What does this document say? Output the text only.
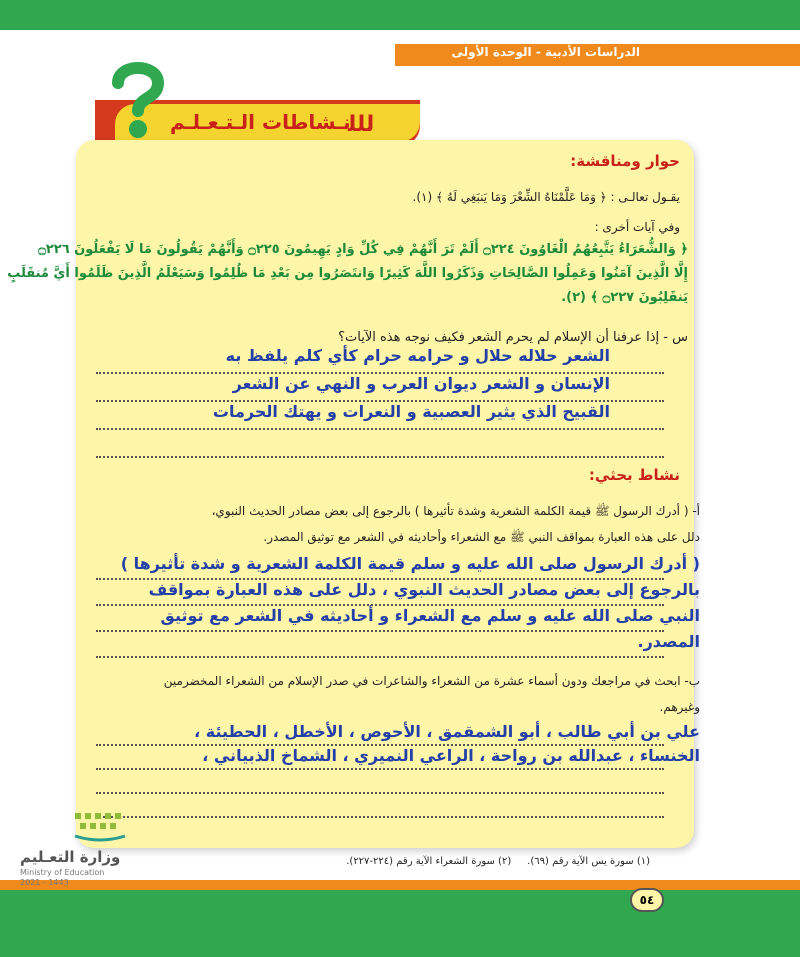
الدراسات الأدبية - الوحدة الأولى
نـشاطات الـتـعـلـم
ﻟﻠﻠ
حوار ومناقشة:
يقـول تعالـى : ﴿ وَمَا عَلَّمْنَاهُ الشِّعْرَ وَمَا يَنبَغِي لَهُ ﴾ (١).
وفي آيات أخرى :
﴿ وَالشُّعَرَاءُ يَتَّبِعُهُمُ الْغَاوُونَ ۝٢٢٤ أَلَمْ تَرَ أَنَّهُمْ فِي كُلِّ وَادٍ يَهِيمُونَ ۝٢٢٥ وَأَنَّهُمْ يَقُولُونَ مَا لَا يَفْعَلُونَ ۝٢٢٦
إِلَّا الَّذِينَ آمَنُوا وَعَمِلُوا الصَّالِحَاتِ وَذَكَرُوا اللَّهَ كَثِيرًا وَانتَصَرُوا مِن بَعْدِ مَا ظُلِمُوا وَسَيَعْلَمُ الَّذِينَ ظَلَمُوا أَيَّ مُنقَلَبٍ
يَنقَلِبُونَ ۝٢٢٧ ﴾ (٢).
س - إذا عرفنا أن الإسلام لم يحرم الشعر فكيف نوجه هذه الآيات؟
الشعر حلاله حلال و حرامه حرام كأي كلم يلفظ به
الإنسان و الشعر ديوان العرب و النهي عن الشعر
القبيح الذي يثير العصبية و النعرات و يهتك الحرمات
نشاط بحثي:
أ- ( أدرك الرسول ﷺ قيمة الكلمة الشعرية وشدة تأثيرها ) بالرجوع إلى بعض مصادر الحديث النبوي،
دلل على هذه العبارة بمواقف النبي ﷺ مع الشعراء وأحاديثه في الشعر مع توثيق المصدر.
( أدرك الرسول صلى الله عليه و سلم قيمة الكلمة الشعرية و شدة تأثيرها )
بالرجوع إلى بعض مصادر الحديث النبوي ، دلل على هذه العبارة بمواقف
النبي صلى الله عليه و سلم مع الشعراء و أحاديثه في الشعر مع توثيق
المصدر.
ب- ابحث في مراجعك ودون أسماء عشرة من الشعراء والشاعرات في صدر الإسلام من الشعراء المخضرمين
وغيرهم.
علي بن أبي طالب ، أبو الشمقمق ، الأحوص ، الأخطل ، الحطيئة ،
الخنساء ، عبدالله بن رواحة ، الراعي النميري ، الشماخ الذبياني ،
(١) سورة يس الآية رقم (٦٩).     (٢) سورة الشعراء الآية رقم (٢٢٤-٢٢٧).
٥٤
وزارة التعـليم
Ministry of Education
2021 - 1443
